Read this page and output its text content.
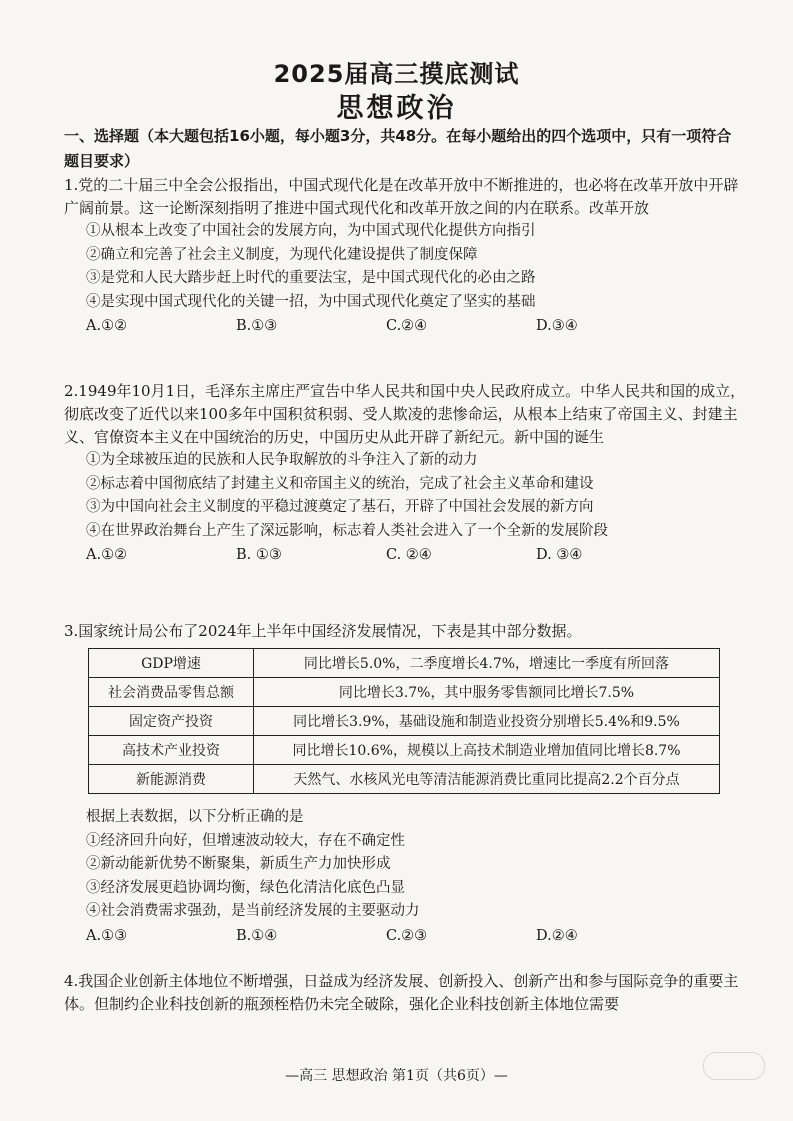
2025届高三摸底测试
思想政治
一、选择题（本大题包括16小题，每小题3分，共48分。在每小题给出的四个选项中，只有一项符合题目要求）
1.党的二十届三中全会公报指出，中国式现代化是在改革开放中不断推进的，也必将在改革开放中开辟广阔前景。这一论断深刻指明了推进中国式现代化和改革开放之间的内在联系。改革开放
①从根本上改变了中国社会的发展方向，为中国式现代化提供方向指引
②确立和完善了社会主义制度，为现代化建设提供了制度保障
③是党和人民大踏步赶上时代的重要法宝，是中国式现代化的必由之路
④是实现中国式现代化的关键一招，为中国式现代化奠定了坚实的基础
A.①②	B.①③	C.②④	D.③④
2.1949年10月1日，毛泽东主席庄严宣告中华人民共和国中央人民政府成立。中华人民共和国的成立，彻底改变了近代以来100多年中国积贫积弱、受人欺凌的悲惨命运，从根本上结束了帝国主义、封建主义、官僚资本主义在中国统治的历史，中国历史从此开辟了新纪元。新中国的诞生
①为全球被压迫的民族和人民争取解放的斗争注入了新的动力
②标志着中国彻底结了封建主义和帝国主义的统治，完成了社会主义革命和建设
③为中国向社会主义制度的平稳过渡奠定了基石，开辟了中国社会发展的新方向
④在世界政治舞台上产生了深远影响，标志着人类社会进入了一个全新的发展阶段
A.①②	B. ①③	C. ②④	D. ③④
3.国家统计局公布了2024年上半年中国经济发展情况，下表是其中部分数据。
GDP增速	同比增长5.0%，二季度增长4.7%，增速比一季度有所回落
社会消费品零售总额	同比增长3.7%，其中服务零售额同比增长7.5%
固定资产投资	同比增长3.9%，基础设施和制造业投资分别增长5.4%和9.5%
高技术产业投资	同比增长10.6%，规模以上高技术制造业增加值同比增长8.7%
新能源消费	天然气、水核风光电等清洁能源消费比重同比提高2.2个百分点
根据上表数据，以下分析正确的是
①经济回升向好，但增速波动较大，存在不确定性
②新动能新优势不断聚集，新质生产力加快形成
③经济发展更趋协调均衡，绿色化清洁化底色凸显
④社会消费需求强劲，是当前经济发展的主要驱动力
A.①③	B.①④	C.②③	D.②④
4.我国企业创新主体地位不断增强，日益成为经济发展、创新投入、创新产出和参与国际竞争的重要主体。但制约企业科技创新的瓶颈桎梏仍未完全破除，强化企业科技创新主体地位需要
—高三 思想政治 第1页（共6页）—
